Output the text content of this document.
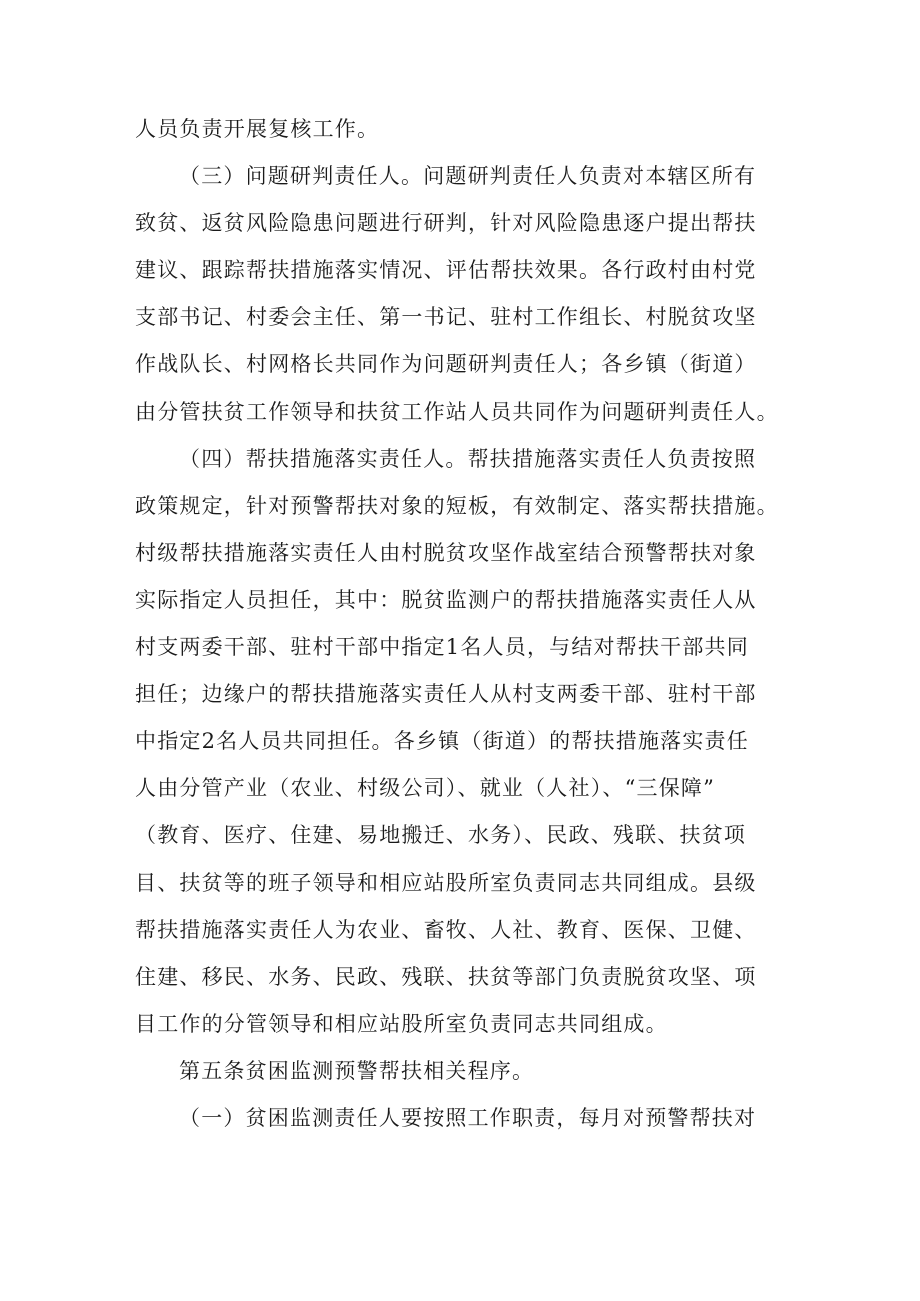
人员负责开展复核工作。
（三）问题研判责任人。问题研判责任人负责对本辖区所有
致贫、返贫风险隐患问题进行研判，针对风险隐患逐户提出帮扶
建议、跟踪帮扶措施落实情况、评估帮扶效果。各行政村由村党
支部书记、村委会主任、第一书记、驻村工作组长、村脱贫攻坚
作战队长、村网格长共同作为问题研判责任人；各乡镇（街道）
由分管扶贫工作领导和扶贫工作站人员共同作为问题研判责任人。
（四）帮扶措施落实责任人。帮扶措施落实责任人负责按照
政策规定，针对预警帮扶对象的短板，有效制定、落实帮扶措施。
村级帮扶措施落实责任人由村脱贫攻坚作战室结合预警帮扶对象
实际指定人员担任，其中：脱贫监测户的帮扶措施落实责任人从
村支两委干部、驻村干部中指定1名人员，与结对帮扶干部共同
担任；边缘户的帮扶措施落实责任人从村支两委干部、驻村干部
中指定2名人员共同担任。各乡镇（街道）的帮扶措施落实责任
人由分管产业（农业、村级公司）、就业（人社）、“三保障”
（教育、医疗、住建、易地搬迁、水务）、民政、残联、扶贫项
目、扶贫等的班子领导和相应站股所室负责同志共同组成。县级
帮扶措施落实责任人为农业、畜牧、人社、教育、医保、卫健、
住建、移民、水务、民政、残联、扶贫等部门负责脱贫攻坚、项
目工作的分管领导和相应站股所室负责同志共同组成。
第五条贫困监测预警帮扶相关程序。
（一）贫困监测责任人要按照工作职责，每月对预警帮扶对
